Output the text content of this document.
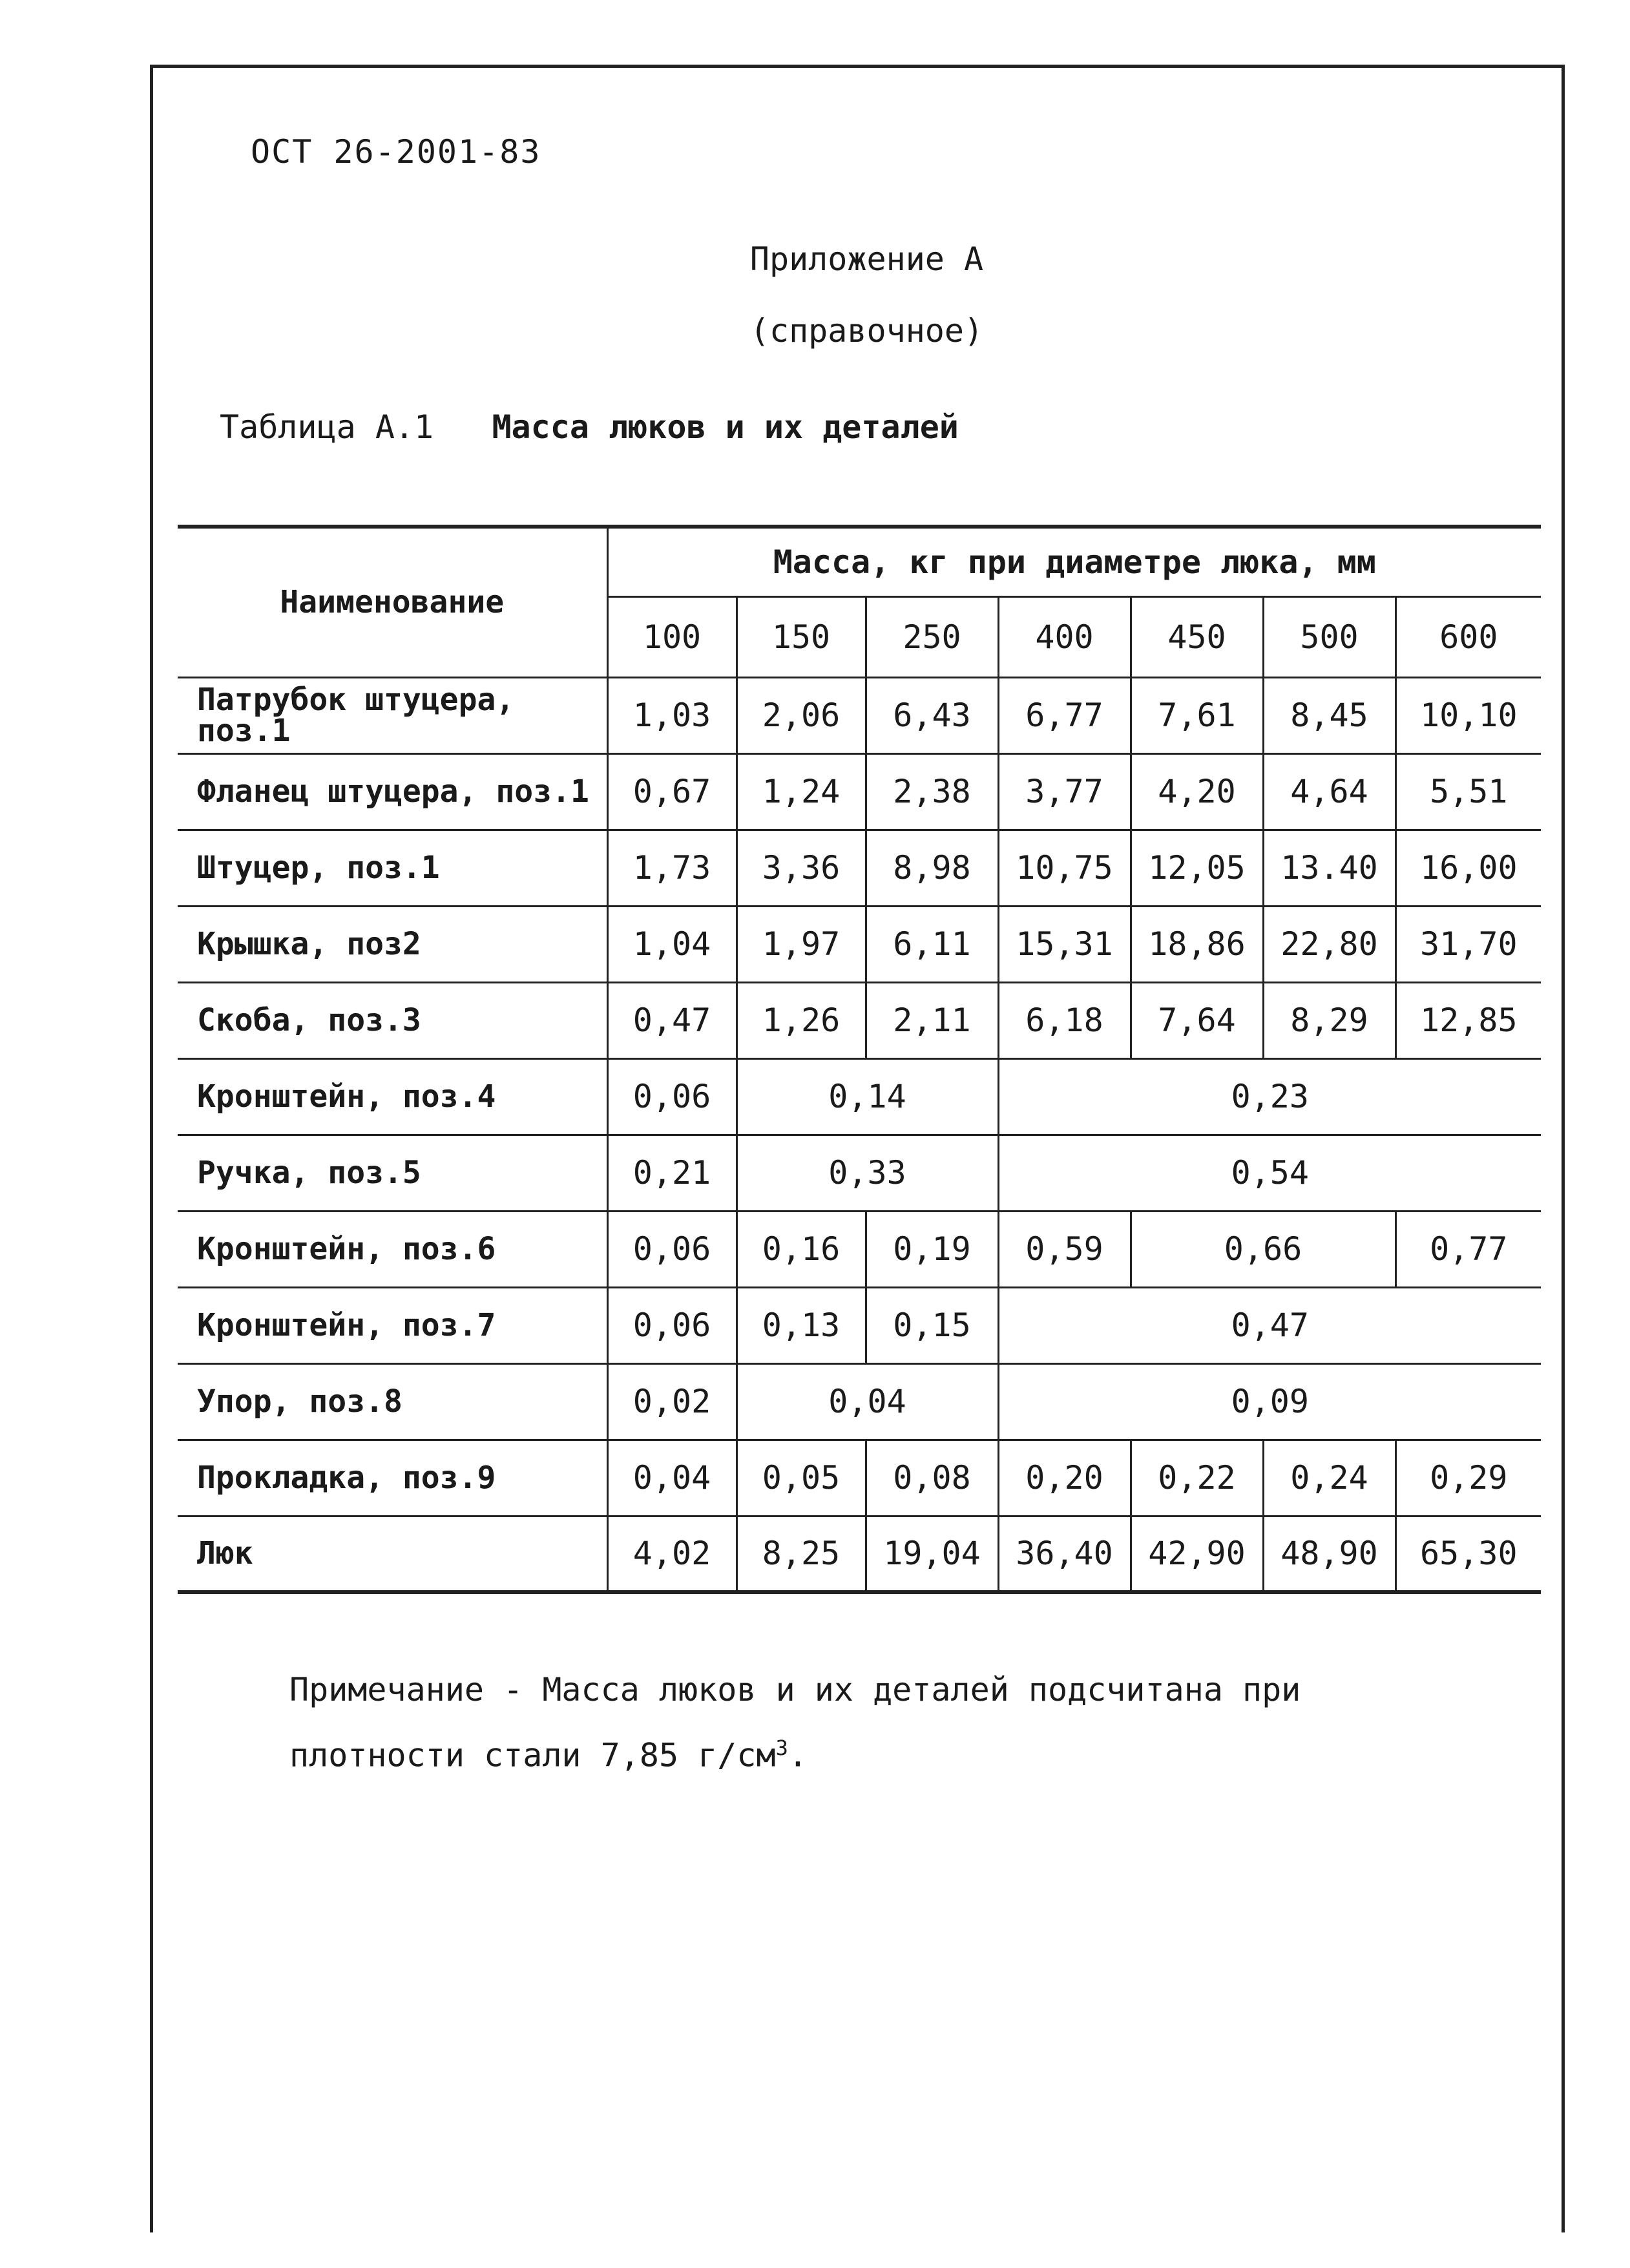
ОСТ 26-2001-83
Приложение А
(справочное)
Таблица А.1 Масса люков и их деталей
Наименование	Масса, кг при диаметре люка, мм						
	100	150	250	400	450	500	600
Патрубок штуцера, поз.1	1,03	2,06	6,43	6,77	7,61	8,45	10,10
Фланец штуцера, поз.1	0,67	1,24	2,38	3,77	4,20	4,64	5,51
Штуцер, поз.1	1,73	3,36	8,98	10,75	12,05	13.40	16,00
Крышка, поз2	1,04	1,97	6,11	15,31	18,86	22,80	31,70
Скоба, поз.3	0,47	1,26	2,11	6,18	7,64	8,29	12,85
Кронштейн, поз.4	0,06	0,14		0,23			
Ручка, поз.5	0,21	0,33		0,54			
Кронштейн, поз.6	0,06	0,16	0,19	0,59	0,66		0,77
Кронштейн, поз.7	0,06	0,13	0,15	0,47			
Упор, поз.8	0,02	0,04		0,09			
Прокладка, поз.9	0,04	0,05	0,08	0,20	0,22	0,24	0,29
Люк	4,02	8,25	19,04	36,40	42,90	48,90	65,30
Примечание - Масса люков и их деталей подсчитана при
плотности стали 7,85 $г/см^3$.
